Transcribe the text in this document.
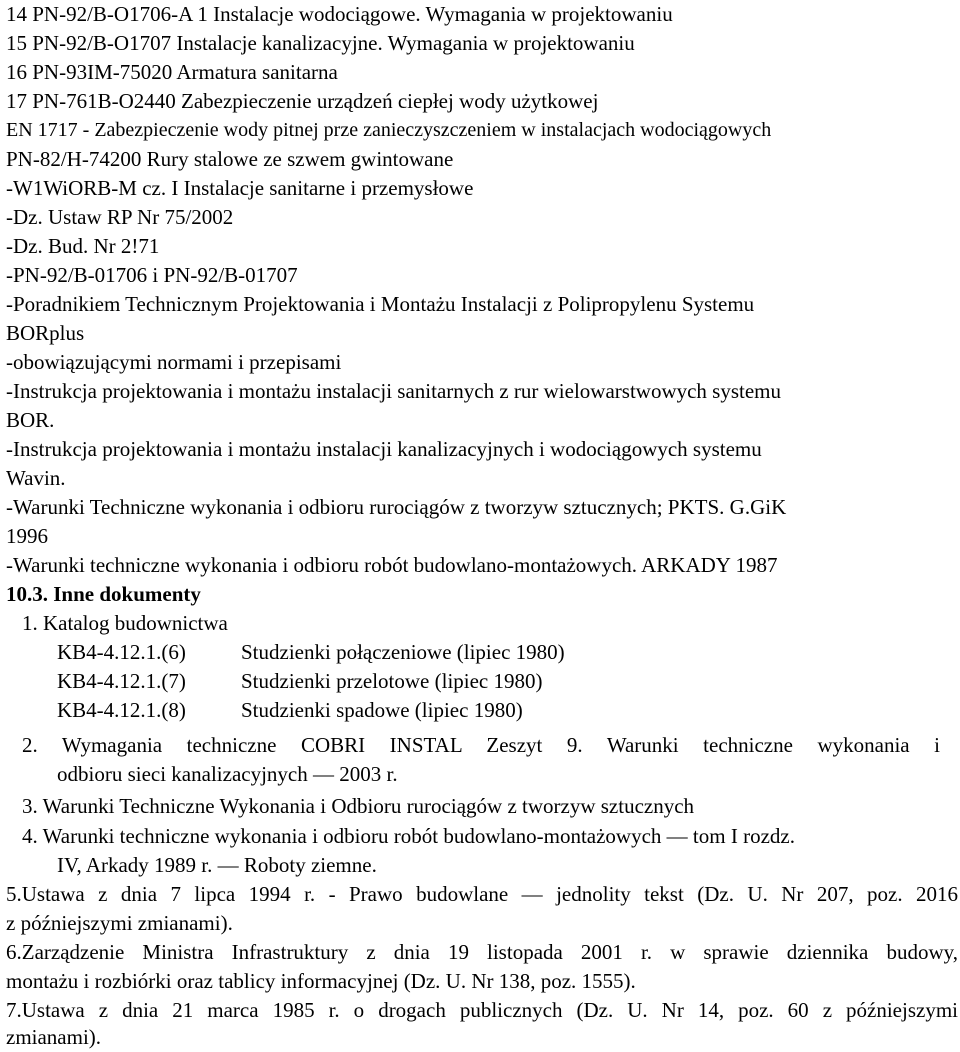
14 PN-92/B-O1706-A 1 Instalacje wodociągowe. Wymagania w projektowaniu
15 PN-92/B-O1707 Instalacje kanalizacyjne. Wymagania w projektowaniu
16 PN-93IM-75020 Armatura sanitarna
17 PN-761B-O2440 Zabezpieczenie urządzeń ciepłej wody użytkowej
EN 1717 - Zabezpieczenie wody pitnej prze zanieczyszczeniem w instalacjach wodociągowych
PN-82/H-74200 Rury stalowe ze szwem gwintowane
-W1WiORB-M cz. I Instalacje sanitarne i przemysłowe
-Dz. Ustaw RP Nr 75/2002
-Dz. Bud. Nr 2!71
-PN-92/B-01706 i PN-92/B-01707
-Poradnikiem Technicznym Projektowania i Montażu Instalacji z Polipropylenu Systemu
BORplus
-obowiązującymi normami i przepisami
-Instrukcja projektowania i montażu instalacji sanitarnych z rur wielowarstwowych systemu
BOR.
-Instrukcja projektowania i montażu instalacji kanalizacyjnych i wodociągowych systemu
Wavin.
-Warunki Techniczne wykonania i odbioru rurociągów z tworzyw sztucznych; PKTS. G.GiK
1996
-Warunki techniczne wykonania i odbioru robót budowlano-montażowych. ARKADY 1987
10.3. Inne dokumenty
1. Katalog budownictwa
KB4-4.12.1.(6)	Studzienki połączeniowe (lipiec 1980)
KB4-4.12.1.(7)	Studzienki przelotowe (lipiec 1980)
KB4-4.12.1.(8)	Studzienki spadowe (lipiec 1980)
2. Wymagania techniczne COBRI INSTAL Zeszyt 9. Warunki techniczne wykonania i
odbioru sieci kanalizacyjnych — 2003 r.
3. Warunki Techniczne Wykonania i Odbioru rurociągów z tworzyw sztucznych
4. Warunki techniczne wykonania i odbioru robót budowlano-montażowych — tom I rozdz.
IV, Arkady 1989 r. — Roboty ziemne.
5.Ustawa z dnia 7 lipca 1994 r. - Prawo budowlane — jednolity tekst (Dz. U. Nr 207, poz. 2016
z późniejszymi zmianami).
6.Zarządzenie Ministra Infrastruktury z dnia 19 listopada 2001 r. w sprawie dziennika budowy,
montażu i rozbiórki oraz tablicy informacyjnej (Dz. U. Nr 138, poz. 1555).
7.Ustawa z dnia 21 marca 1985 r. o drogach publicznych (Dz. U. Nr 14, poz. 60 z późniejszymi
zmianami).
